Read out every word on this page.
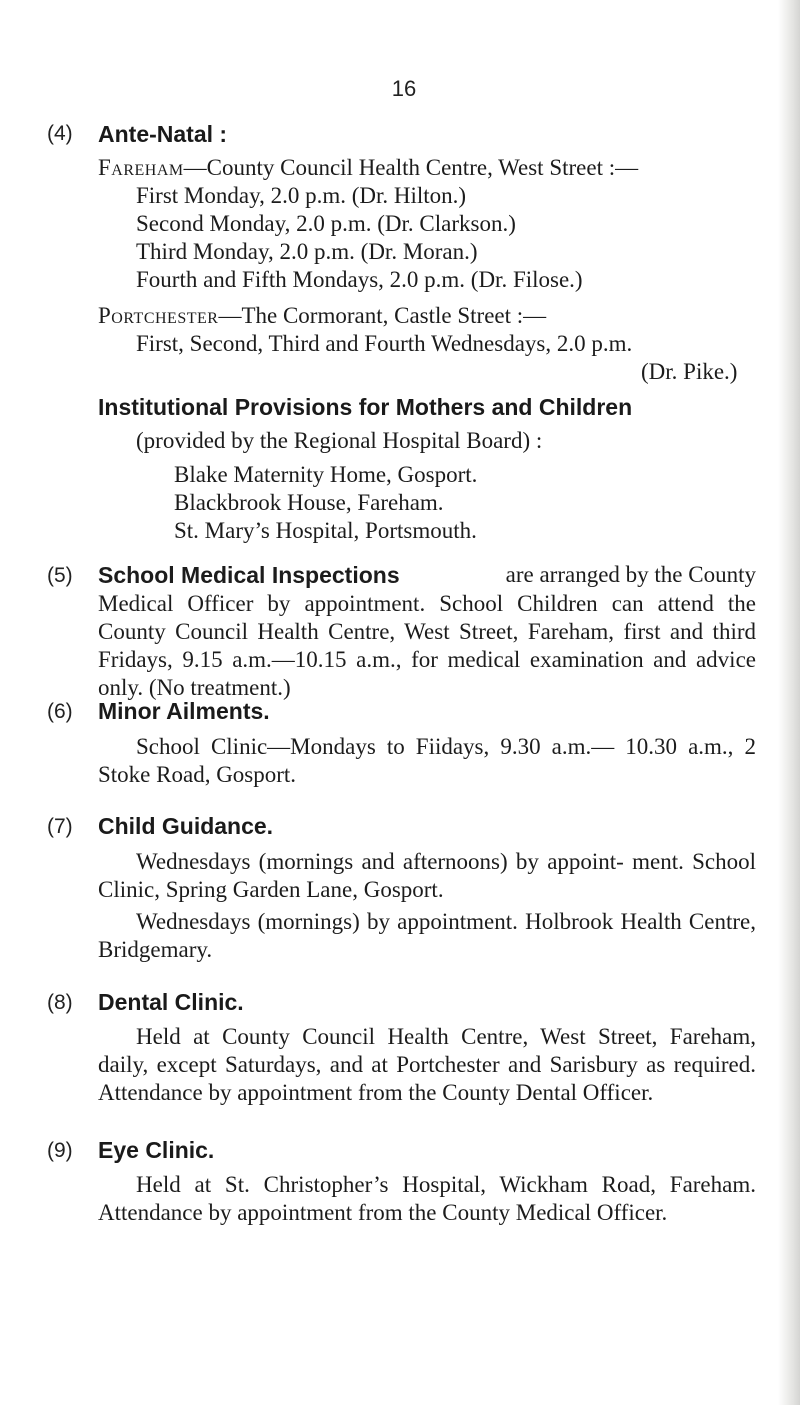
16
(4) Ante-Natal :
Fareham—County Council Health Centre, West Street :—
First Monday, 2.0 p.m. (Dr. Hilton.)
Second Monday, 2.0 p.m. (Dr. Clarkson.)
Third Monday, 2.0 p.m. (Dr. Moran.)
Fourth and Fifth Mondays, 2.0 p.m. (Dr. Filose.)
Portchester—The Cormorant, Castle Street :—
First, Second, Third and Fourth Wednesdays, 2.0 p.m.
(Dr. Pike.)
Institutional Provisions for Mothers and Children
(provided by the Regional Hospital Board) :
Blake Maternity Home, Gosport.
Blackbrook House, Fareham.
St. Mary’s Hospital, Portsmouth.
(5) School Medical Inspections	are arranged by the County
Medical Officer by appointment. School Children can attend the County Council Health Centre, West Street, Fareham, first and third Fridays, 9.15 a.m.—10.15 a.m., for medical examination and advice only. (No treatment.)
(6) Minor Ailments.
School Clinic—Mondays to Fiidays, 9.30 a.m.— 10.30 a.m., 2 Stoke Road, Gosport.
(7) Child Guidance.
Wednesdays (mornings and afternoons) by appoint- ment. School Clinic, Spring Garden Lane, Gosport.
Wednesdays (mornings) by appointment. Holbrook Health Centre, Bridgemary.
(8) Dental Clinic.
Held at County Council Health Centre, West Street, Fareham, daily, except Saturdays, and at Portchester and Sarisbury as required. Attendance by appointment from the County Dental Officer.
(9) Eye Clinic.
Held at St. Christopher’s Hospital, Wickham Road, Fareham. Attendance by appointment from the County Medical Officer.
